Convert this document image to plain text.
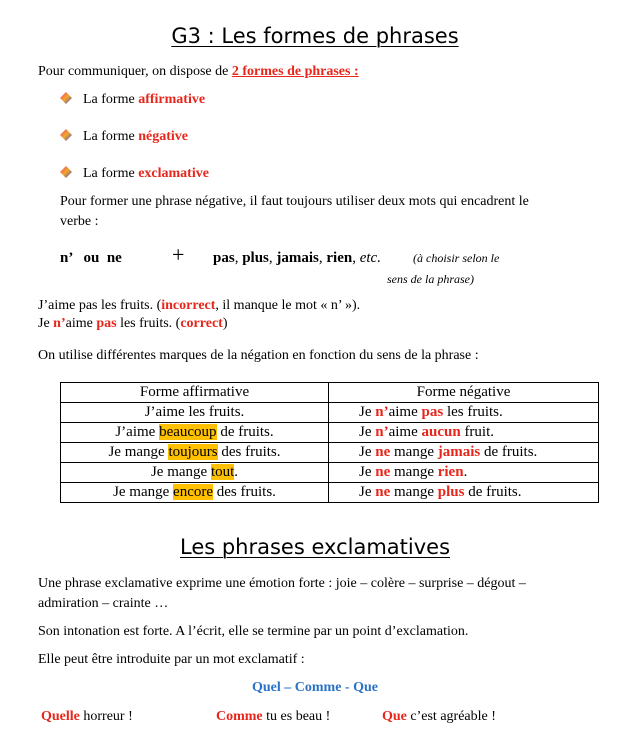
G3 : Les formes de phrases
Pour communiquer, on dispose de 2 formes de phrases :
La forme affirmative
La forme négative
La forme exclamative
Pour former une phrase négative, il faut toujours utiliser deux mots qui encadrent le
verbe :
n’   ou  ne + pas, plus, jamais, rien, etc.	(à choisir selon le
sens de la phrase)
J’aime pas les fruits. (incorrect, il manque le mot « n’ »).
Je n’aime pas les fruits. (correct)
On utilise différentes marques de la négation en fonction du sens de la phrase :
Forme affirmative	Forme négative
J’aime les fruits.	Je n’aime pas les fruits.
J’aime beaucoup de fruits.	Je n’aime aucun fruit.
Je mange toujours des fruits.	Je ne mange jamais de fruits.
Je mange tout.	Je ne mange rien.
Je mange encore des fruits.	Je ne mange plus de fruits.
Les phrases exclamatives
Une phrase exclamative exprime une émotion forte : joie – colère – surprise – dégout –
admiration – crainte …
Son intonation est forte. A l’écrit, elle se termine par un point d’exclamation.
Elle peut être introduite par un mot exclamatif :
Quel – Comme - Que
Quelle horreur !	Comme tu es beau !	Que c’est agréable !
